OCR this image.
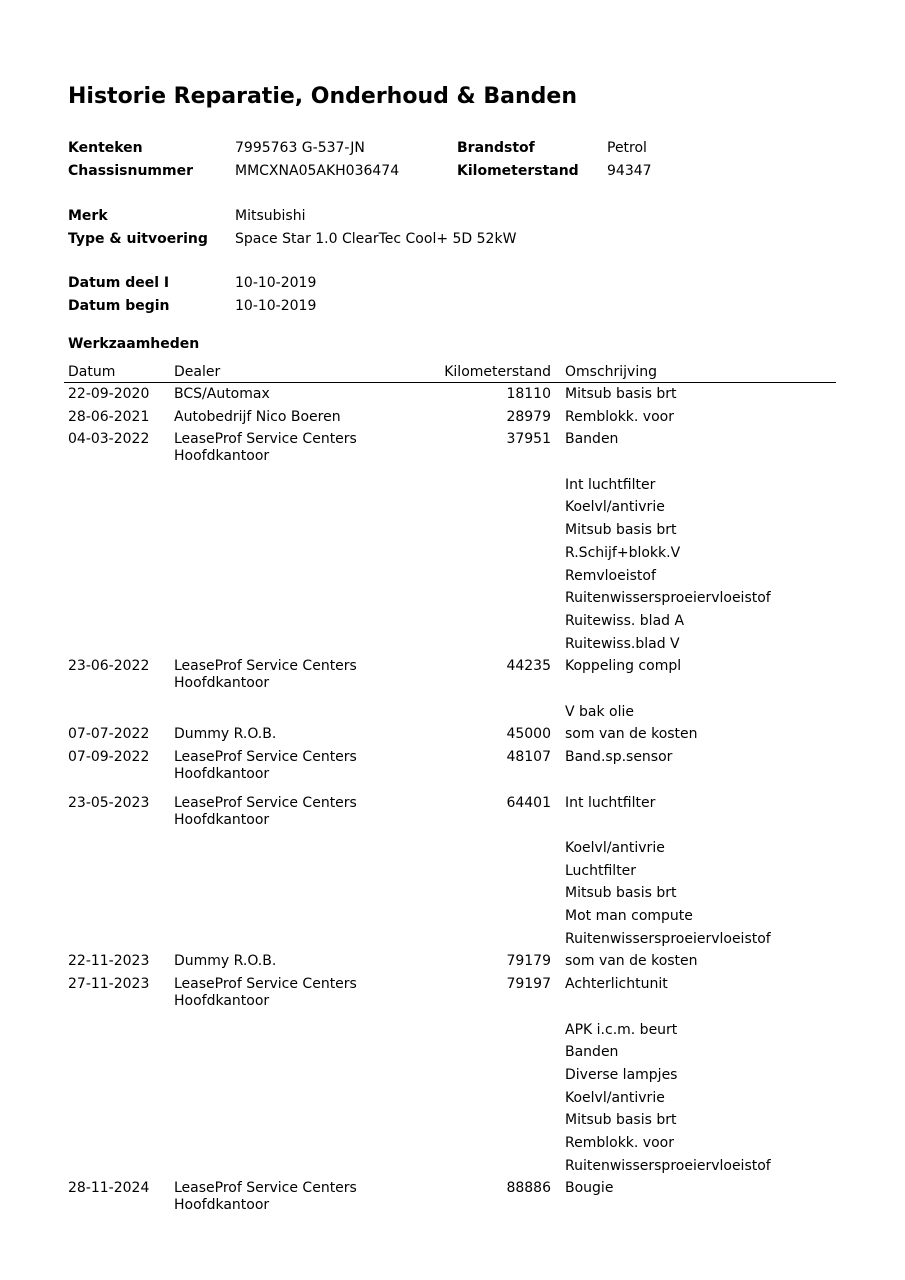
Historie Reparatie, Onderhoud & Banden
Kenteken	7995763 G-537-JN	Brandstof	Petrol
Chassisnummer	MMCXNA05AKH036474	Kilometerstand 94347
Merk	Mitsubishi
Type & uitvoering Space Star 1.0 ClearTec Cool+ 5D 52kW
Datum deel I	10-10-2019
Datum begin	10-10-2019
Werkzaamheden
Datum	Dealer	Kilometerstand Omschrijving
22-09-2020 BCS/Automax	18110 Mitsub basis brt
28-06-2021 Autobedrijf Nico Boeren	28979 Remblokk. voor
04-03-2022 LeaseProf Service Centers
Hoofdkantoor
37951 Banden
Int luchtfilter
Koelvl/antivrie
Mitsub basis brt
R.Schijf+blokk.V
Remvloeistof
Ruitenwissersproeiervloeistof
Ruitewiss. blad A
Ruitewiss.blad V
23-06-2022 LeaseProf Service Centers
Hoofdkantoor
44235 Koppeling compl
V bak olie
07-07-2022 Dummy R.O.B.	45000 som van de kosten
07-09-2022 LeaseProf Service Centers
Hoofdkantoor
48107 Band.sp.sensor
23-05-2023 LeaseProf Service Centers
Hoofdkantoor
64401 Int luchtfilter
Koelvl/antivrie
Luchtfilter
Mitsub basis brt
Mot man compute
Ruitenwissersproeiervloeistof
22-11-2023 Dummy R.O.B.	79179 som van de kosten
27-11-2023 LeaseProf Service Centers
Hoofdkantoor
79197 Achterlichtunit
APK i.c.m. beurt
Banden
Diverse lampjes
Koelvl/antivrie
Mitsub basis brt
Remblokk. voor
Ruitenwissersproeiervloeistof
28-11-2024 LeaseProf Service Centers
Hoofdkantoor
88886 Bougie
